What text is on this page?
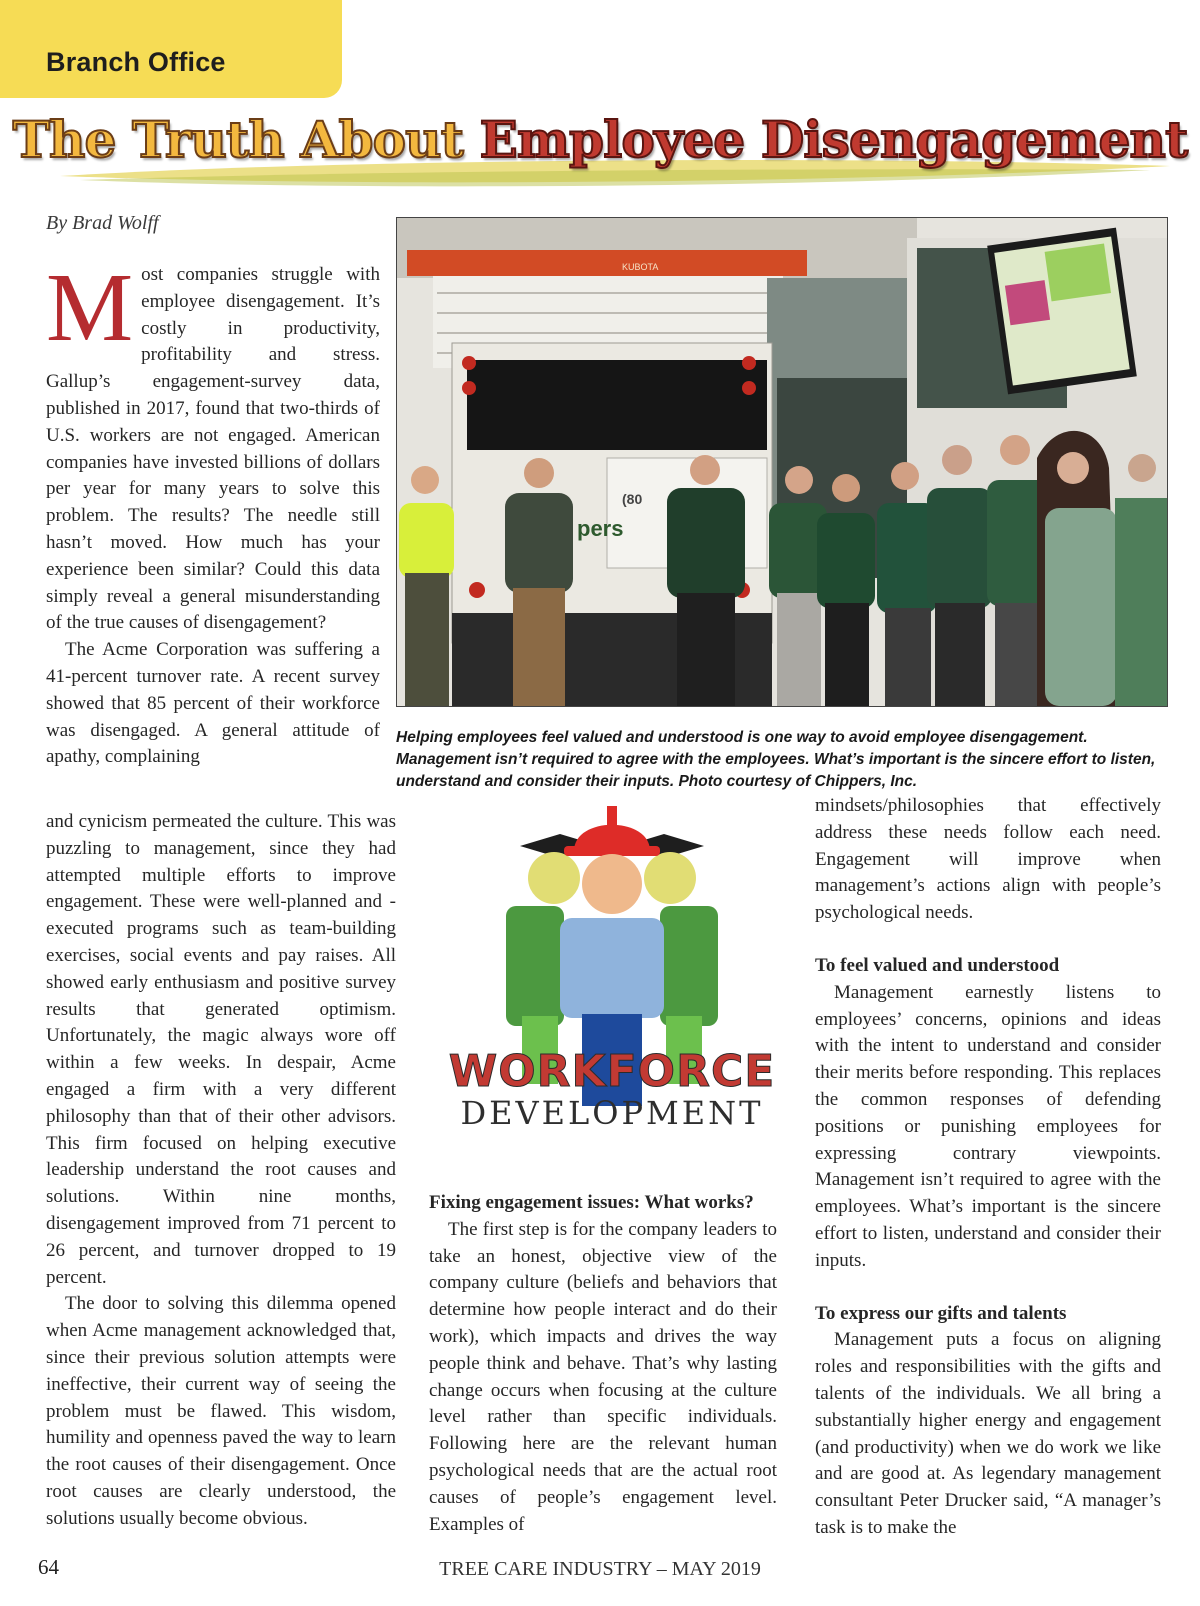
Branch Office
The Truth About Employee Disengagement
By Brad Wolff

Most companies struggle with employee disengagement. It’s costly in productivity, profitability and stress. Gallup’s engagement-survey data, published in 2017, found that two-thirds of U.S. workers are not engaged. American companies have invested billions of dollars per year for many years to solve this problem. The results? The needle still hasn’t moved. How much has your experience been similar? Could this data simply reveal a general misunderstanding of the true causes of disengagement?

The Acme Corporation was suffering a 41-percent turnover rate. A recent survey showed that 85 percent of their workforce was disengaged. A general attitude of apathy, complaining

KUBOTA
(80
pers
Helping employees feel valued and understood is one way to avoid employee disengagement. Management isn’t required to agree with the employees. What’s important is the sincere effort to listen, understand and consider their inputs. Photo courtesy of Chippers, Inc.

and cynicism permeated the culture. This was puzzling to management, since they had attempted multiple efforts to improve engagement. These were well-planned and -executed programs such as team-building exercises, social events and pay raises. All showed early enthusiasm and positive survey results that generated optimism. Unfortunately, the magic always wore off within a few weeks. In despair, Acme engaged a firm with a very different philosophy than that of their other advisors. This firm focused on helping executive leadership understand the root causes and solutions. Within nine months, disengagement improved from 71 percent to 26 percent, and turnover dropped to 19 percent.

The door to solving this dilemma opened when Acme management acknowledged that, since their previous solution attempts were ineffective, their current way of seeing the problem must be flawed. This wisdom, humility and openness paved the way to learn the root causes of their disengagement. Once root causes are clearly understood, the solutions usually become obvious.

WORKFORCE
DEVELOPMENT

Fixing engagement issues: What works?

The first step is for the company leaders to take an honest, objective view of the company culture (beliefs and behaviors that determine how people interact and do their work), which impacts and drives the way people think and behave. That’s why lasting change occurs when focusing at the culture level rather than specific individuals. Following here are the relevant human psychological needs that are the actual root causes of people’s engagement level. Examples of

mindsets/philosophies that effectively address these needs follow each need. Engagement will improve when management’s actions align with people’s psychological needs.

To feel valued and understood

Management earnestly listens to employees’ concerns, opinions and ideas with the intent to understand and consider their merits before responding. This replaces the common responses of defending positions or punishing employees for expressing contrary viewpoints. Management isn’t required to agree with the employees. What’s important is the sincere effort to listen, understand and consider their inputs.

To express our gifts and talents

Management puts a focus on aligning roles and responsibilities with the gifts and talents of the individuals. We all bring a substantially higher energy and engagement (and productivity) when we do work we like and are good at. As legendary management consultant Peter Drucker said, “A manager’s task is to make the

64	TREE CARE INDUSTRY – MAY 2019
